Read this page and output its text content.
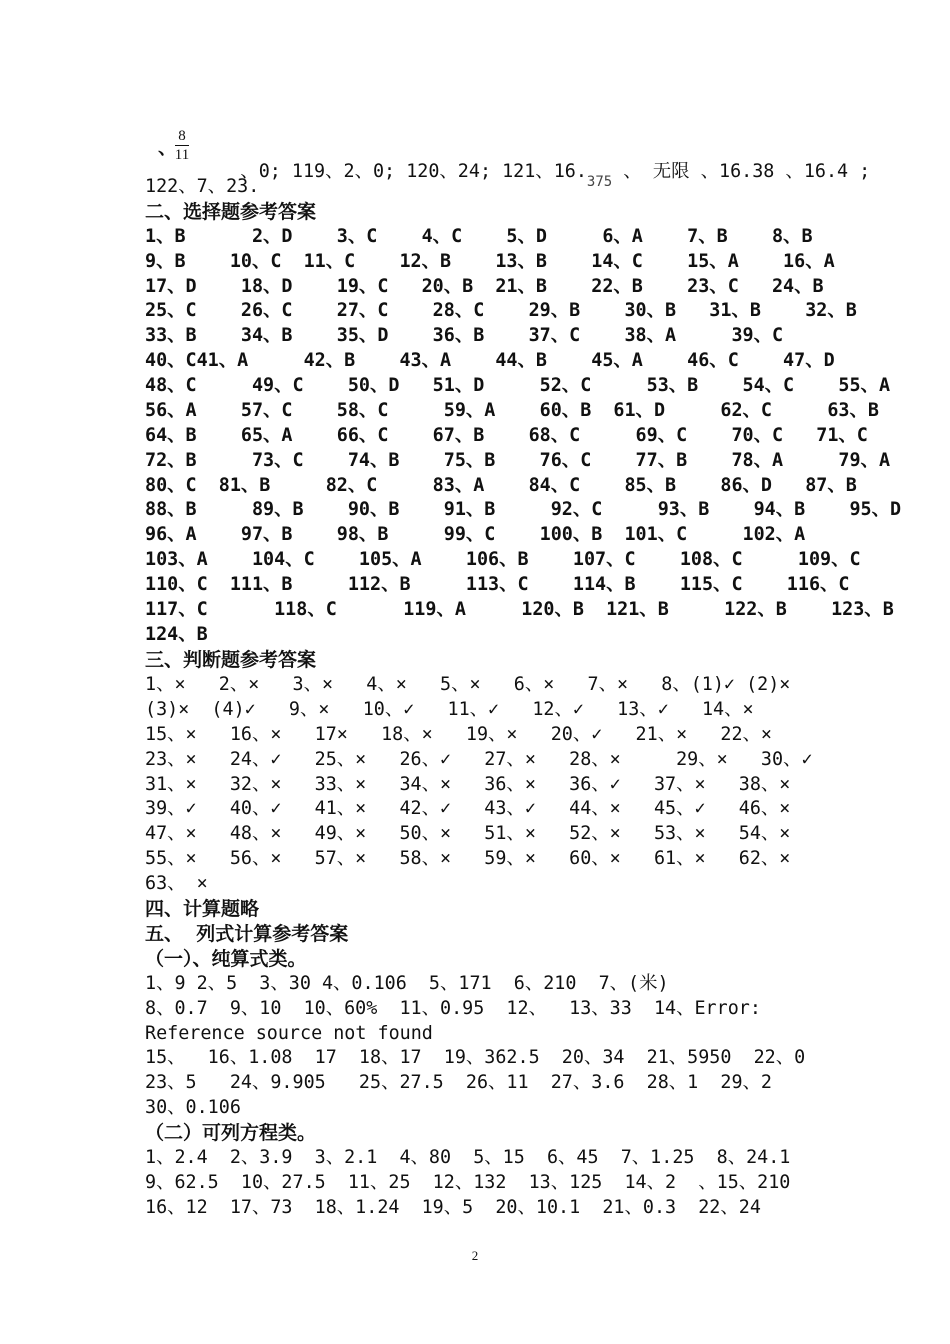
、
8
11

、0; 119、2、0; 120、24; 121、$16._{375}$ 、 无限 、16.38 、16.4 ;

122、7、23.
二、选择题参考答案
1、B      2、D    3、C    4、C    5、D     6、A    7、B    8、B
9、B    10、C  11、C    12、B    13、B    14、C    15、A    16、A
17、D    18、D    19、C   20、B  21、B    22、B    23、C   24、B
25、C    26、C    27、C    28、C    29、B    30、B   31、B    32、B
33、B    34、B    35、D    36、B    37、C    38、A     39、C
40、C41、A     42、B    43、A    44、B    45、A    46、C    47、D
48、C     49、C    50、D   51、D     52、C     53、B    54、C    55、A
56、A    57、C    58、C     59、A    60、B  61、D     62、C     63、B
64、B    65、A    66、C    67、B    68、C     69、C    70、C   71、C
72、B     73、C    74、B    75、B    76、C    77、B    78、A     79、A
80、C  81、B     82、C     83、A    84、C    85、B    86、D   87、B
88、B     89、B    90、B    91、B     92、C     93、B    94、B    95、D
96、A    97、B    98、B     99、C    100、B  101、C     102、A
103、A    104、C    105、A    106、B    107、C    108、C     109、C
110、C  111、B     112、B     113、C    114、B    115、C    116、C
117、C      118、C      119、A     120、B  121、B     122、B    123、B
124、B
三、判断题参考答案
1、×   2、×   3、×   4、×   5、×   6、×   7、×   8、(1)✓ (2)×
(3)×  (4)✓   9、×   10、✓   11、✓   12、✓   13、✓   14、×
15、×   16、×   17×   18、×   19、×   20、✓   21、×   22、×
23、×   24、✓   25、×   26、✓   27、×   28、×     29、×   30、✓
31、×   32、×   33、×   34、×   36、×   36、✓   37、×   38、×
39、✓   40、✓   41、×   42、✓   43、✓   44、×   45、✓   46、×
47、×   48、×   49、×   50、×   51、×   52、×   53、×   54、×
55、×   56、×   57、×   58、×   59、×   60、×   61、×   62、×
63、 ×
四、计算题略
五、  列式计算参考答案
（一）、纯算式类。
1、9 2、5  3、30 4、0.106  5、171  6、210  7、(米)
8、0.7  9、10  10、60%  11、0.95  12、  13、33  14、Error:
Reference source not found
15、  16、1.08  17  18、17  19、362.5  20、34  21、5950  22、0
23、5   24、9.905   25、27.5  26、11  27、3.6  28、1  29、2
30、0.106
（二）可列方程类。
1、2.4  2、3.9  3、2.1  4、80  5、15  6、45  7、1.25  8、24.1
9、62.5  10、27.5  11、25  12、132  13、125  14、2  、15、210
16、12  17、73  18、1.24  19、5  20、10.1  21、0.3  22、24
2
